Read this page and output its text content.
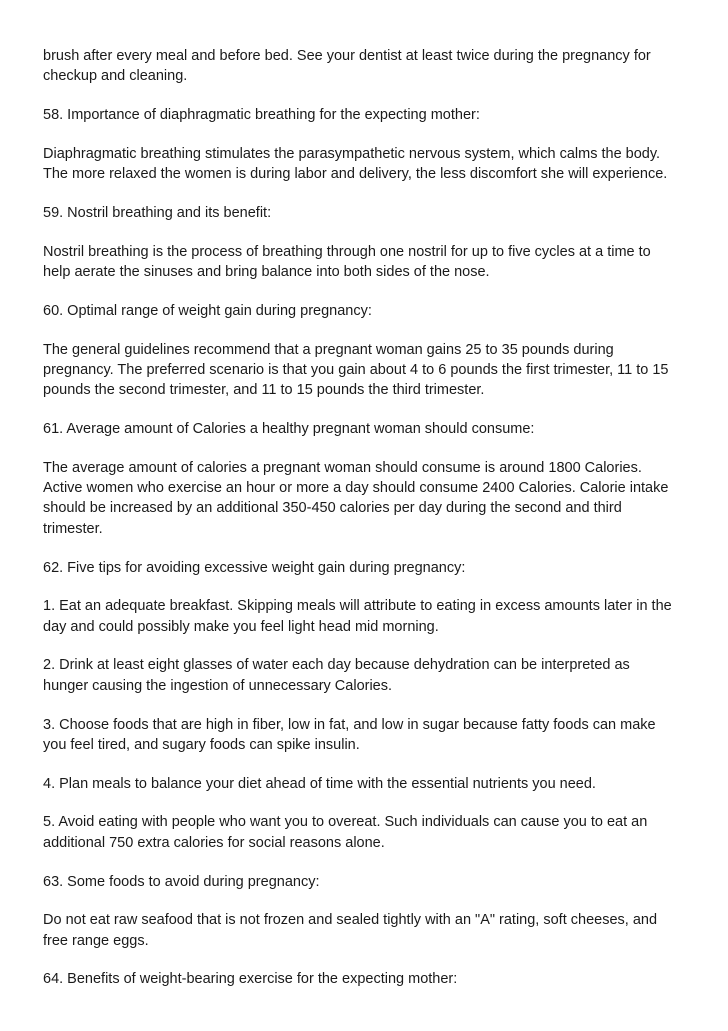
brush after every meal and before bed. See your dentist at least twice during the pregnancy for
checkup and cleaning.

58. Importance of diaphragmatic breathing for the expecting mother:

Diaphragmatic breathing stimulates the parasympathetic nervous system, which calms the body.
The more relaxed the women is during labor and delivery, the less discomfort she will experience.

59. Nostril breathing and its benefit:

Nostril breathing is the process of breathing through one nostril for up to five cycles at a time to
help aerate the sinuses and bring balance into both sides of the nose.

60. Optimal range of weight gain during pregnancy:

The general guidelines recommend that a pregnant woman gains 25 to 35 pounds during
pregnancy. The preferred scenario is that you gain about 4 to 6 pounds the first trimester, 11 to 15
pounds the second trimester, and 11 to 15 pounds the third trimester.

61. Average amount of Calories a healthy pregnant woman should consume:

The average amount of calories a pregnant woman should consume is around 1800 Calories.
Active women who exercise an hour or more a day should consume 2400 Calories. Calorie intake
should be increased by an additional 350-450 calories per day during the second and third
trimester.

62. Five tips for avoiding excessive weight gain during pregnancy:

1. Eat an adequate breakfast. Skipping meals will attribute to eating in excess amounts later in the
day and could possibly make you feel light head mid morning.

2. Drink at least eight glasses of water each day because dehydration can be interpreted as
hunger causing the ingestion of unnecessary Calories.

3. Choose foods that are high in fiber, low in fat, and low in sugar because fatty foods can make
you feel tired, and sugary foods can spike insulin.

4. Plan meals to balance your diet ahead of time with the essential nutrients you need.

5. Avoid eating with people who want you to overeat. Such individuals can cause you to eat an
additional 750 extra calories for social reasons alone.

63. Some foods to avoid during pregnancy:

Do not eat raw seafood that is not frozen and sealed tightly with an "A" rating, soft cheeses, and
free range eggs.

64. Benefits of weight-bearing exercise for the expecting mother:
